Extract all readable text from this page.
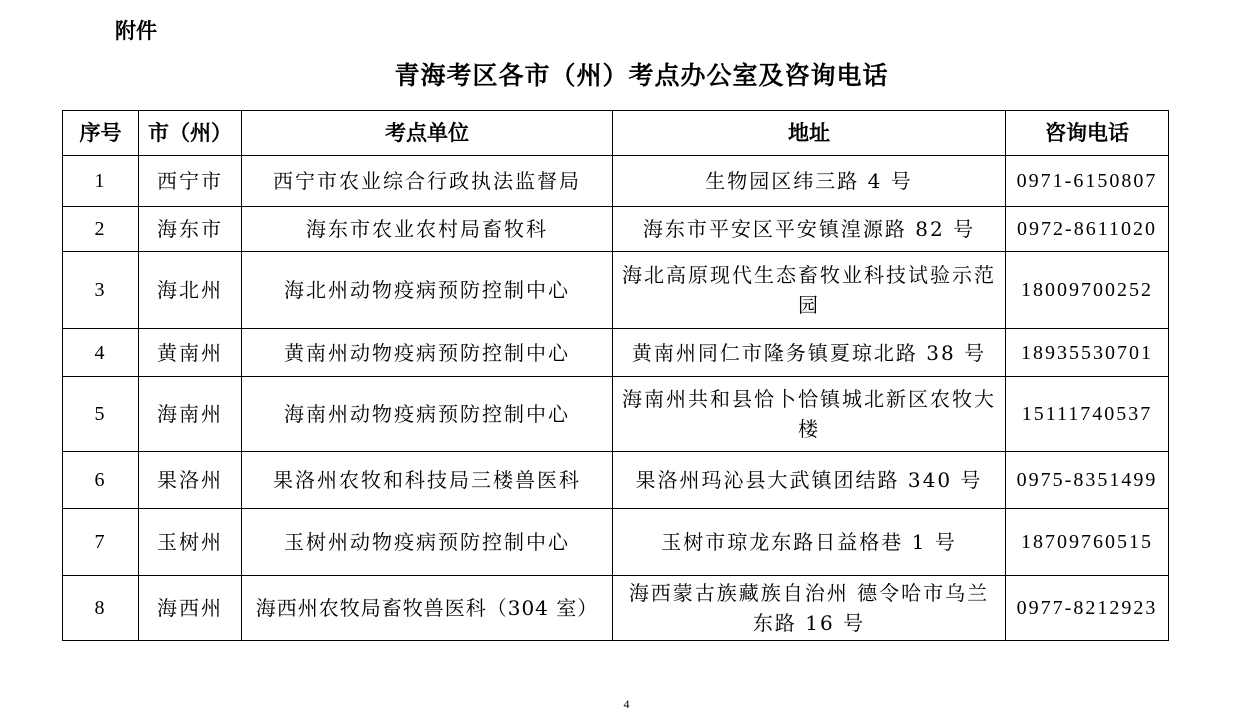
附件
青海考区各市（州）考点办公室及咨询电话
序号	市（州）	考点单位	地址	咨询电话
1	西宁市	西宁市农业综合行政执法监督局	生物园区纬三路 4 号	0971-6150807
2	海东市	海东市农业农村局畜牧科	海东市平安区平安镇湟源路 82 号	0972-8611020
3	海北州	海北州动物疫病预防控制中心	海北高原现代生态畜牧业科技试验示范园	18009700252
4	黄南州	黄南州动物疫病预防控制中心	黄南州同仁市隆务镇夏琼北路 38 号	18935530701
5	海南州	海南州动物疫病预防控制中心	海南州共和县恰卜恰镇城北新区农牧大楼	15111740537
6	果洛州	果洛州农牧和科技局三楼兽医科	果洛州玛沁县大武镇团结路 340 号	0975-8351499
7	玉树州	玉树州动物疫病预防控制中心	玉树市琼龙东路日益格巷 1 号	18709760515
8	海西州	海西州农牧局畜牧兽医科（304 室）	海西蒙古族藏族自治州 德令哈市乌兰东路 16 号	0977-8212923
4
